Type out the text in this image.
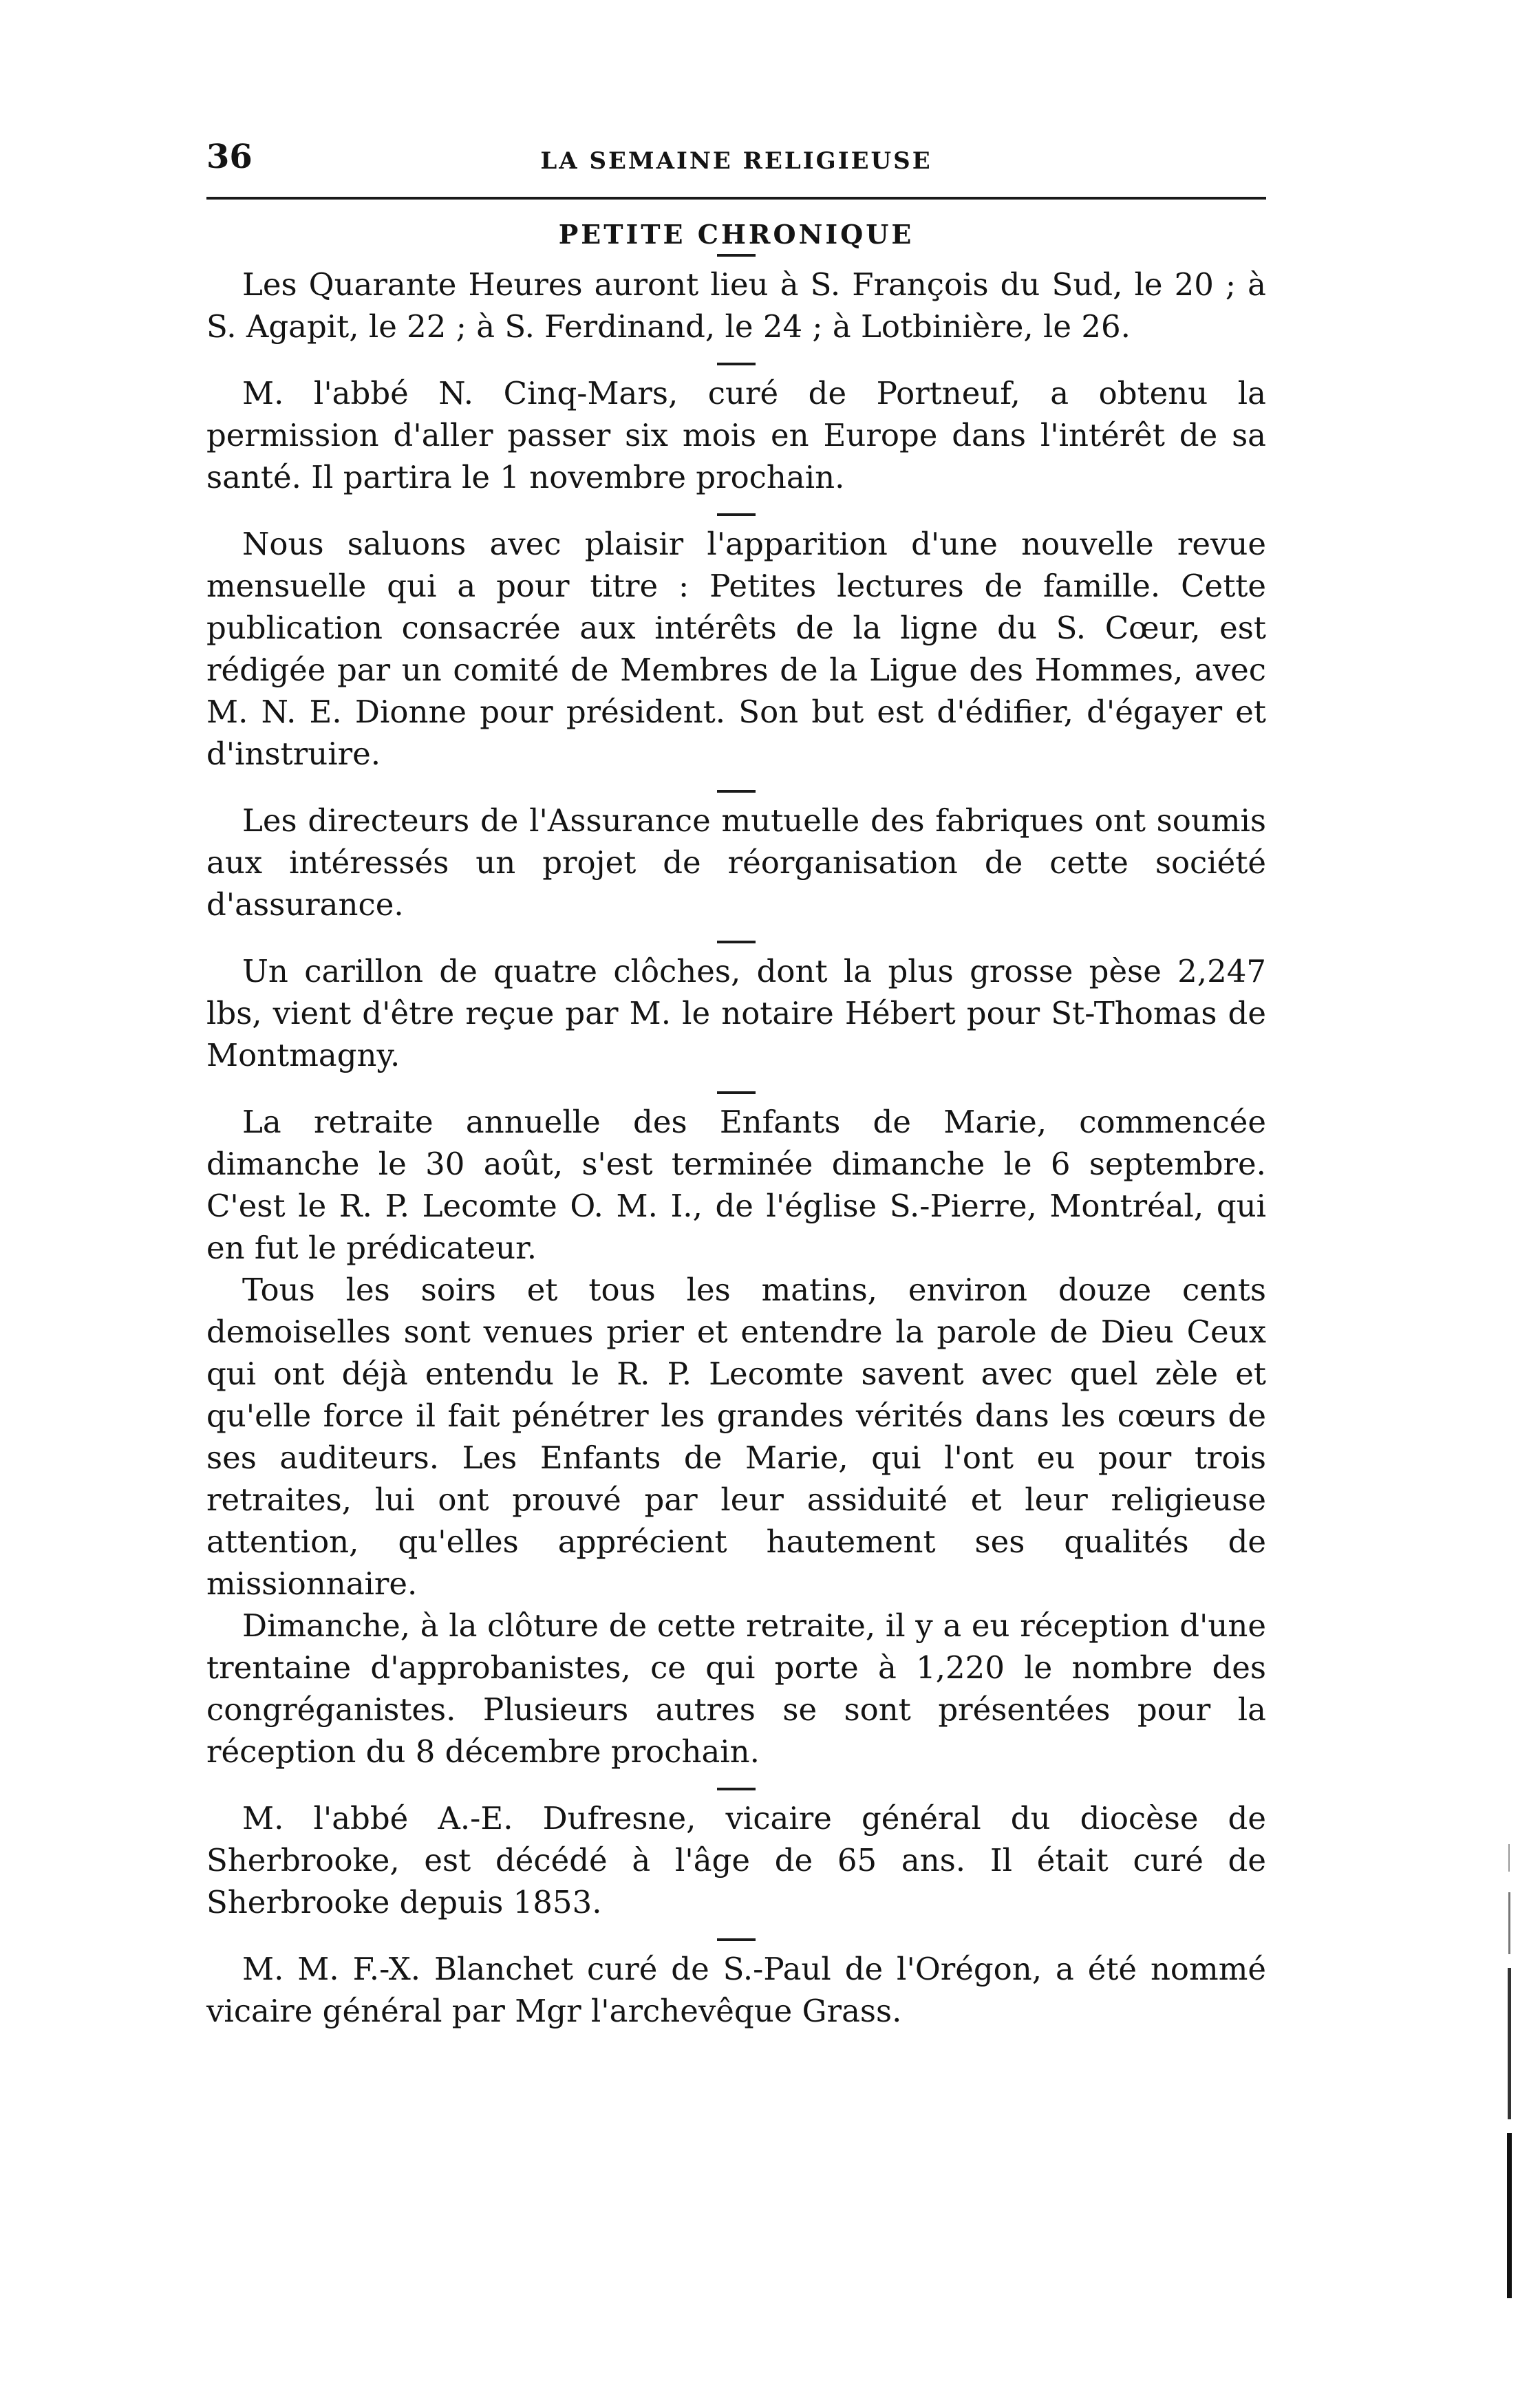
36	LA SEMAINE RELIGIEUSE
PETITE CHRONIQUE

Les Quarante Heures auront lieu à S. François du Sud, le 20 ; à S. Agapit, le 22 ; à S. Ferdinand, le 24 ; à Lotbinière, le 26.

M. l'abbé N. Cinq-Mars, curé de Portneuf, a obtenu la permission d'aller passer six mois en Europe dans l'intérêt de sa santé. Il partira le 1 novembre prochain.

Nous saluons avec plaisir l'apparition d'une nouvelle revue mensuelle qui a pour titre : Petites lectures de famille. Cette publication consacrée aux intérêts de la ligne du S. Cœur, est rédigée par un comité de Membres de la Ligue des Hommes, avec M. N. E. Dionne pour président. Son but est d'édifier, d'égayer et d'instruire.

Les directeurs de l'Assurance mutuelle des fabriques ont soumis aux intéressés un projet de réorganisation de cette société d'assurance.

Un carillon de quatre clôches, dont la plus grosse pèse 2,247 lbs, vient d'être reçue par M. le notaire Hébert pour St-Thomas de Montmagny.

La retraite annuelle des Enfants de Marie, commencée dimanche le 30 août, s'est terminée dimanche le 6 septembre. C'est le R. P. Lecomte O. M. I., de l'église S.-Pierre, Montréal, qui en fut le prédicateur.

Tous les soirs et tous les matins, environ douze cents demoiselles sont venues prier et entendre la parole de Dieu Ceux qui ont déjà entendu le R. P. Lecomte savent avec quel zèle et qu'elle force il fait pénétrer les grandes vérités dans les cœurs de ses auditeurs. Les Enfants de Marie, qui l'ont eu pour trois retraites, lui ont prouvé par leur assiduité et leur religieuse attention, qu'elles apprécient hautement ses qualités de missionnaire.

Dimanche, à la clôture de cette retraite, il y a eu réception d'une trentaine d'approbanistes, ce qui porte à 1,220 le nombre des congréganistes. Plusieurs autres se sont présentées pour la réception du 8 décembre prochain.

M. l'abbé A.-E. Dufresne, vicaire général du diocèse de Sherbrooke, est décédé à l'âge de 65 ans. Il était curé de Sherbrooke depuis 1853.

M. M. F.-X. Blanchet curé de S.-Paul de l'Orégon, a été nommé vicaire général par Mgr l'archevêque Grass.
